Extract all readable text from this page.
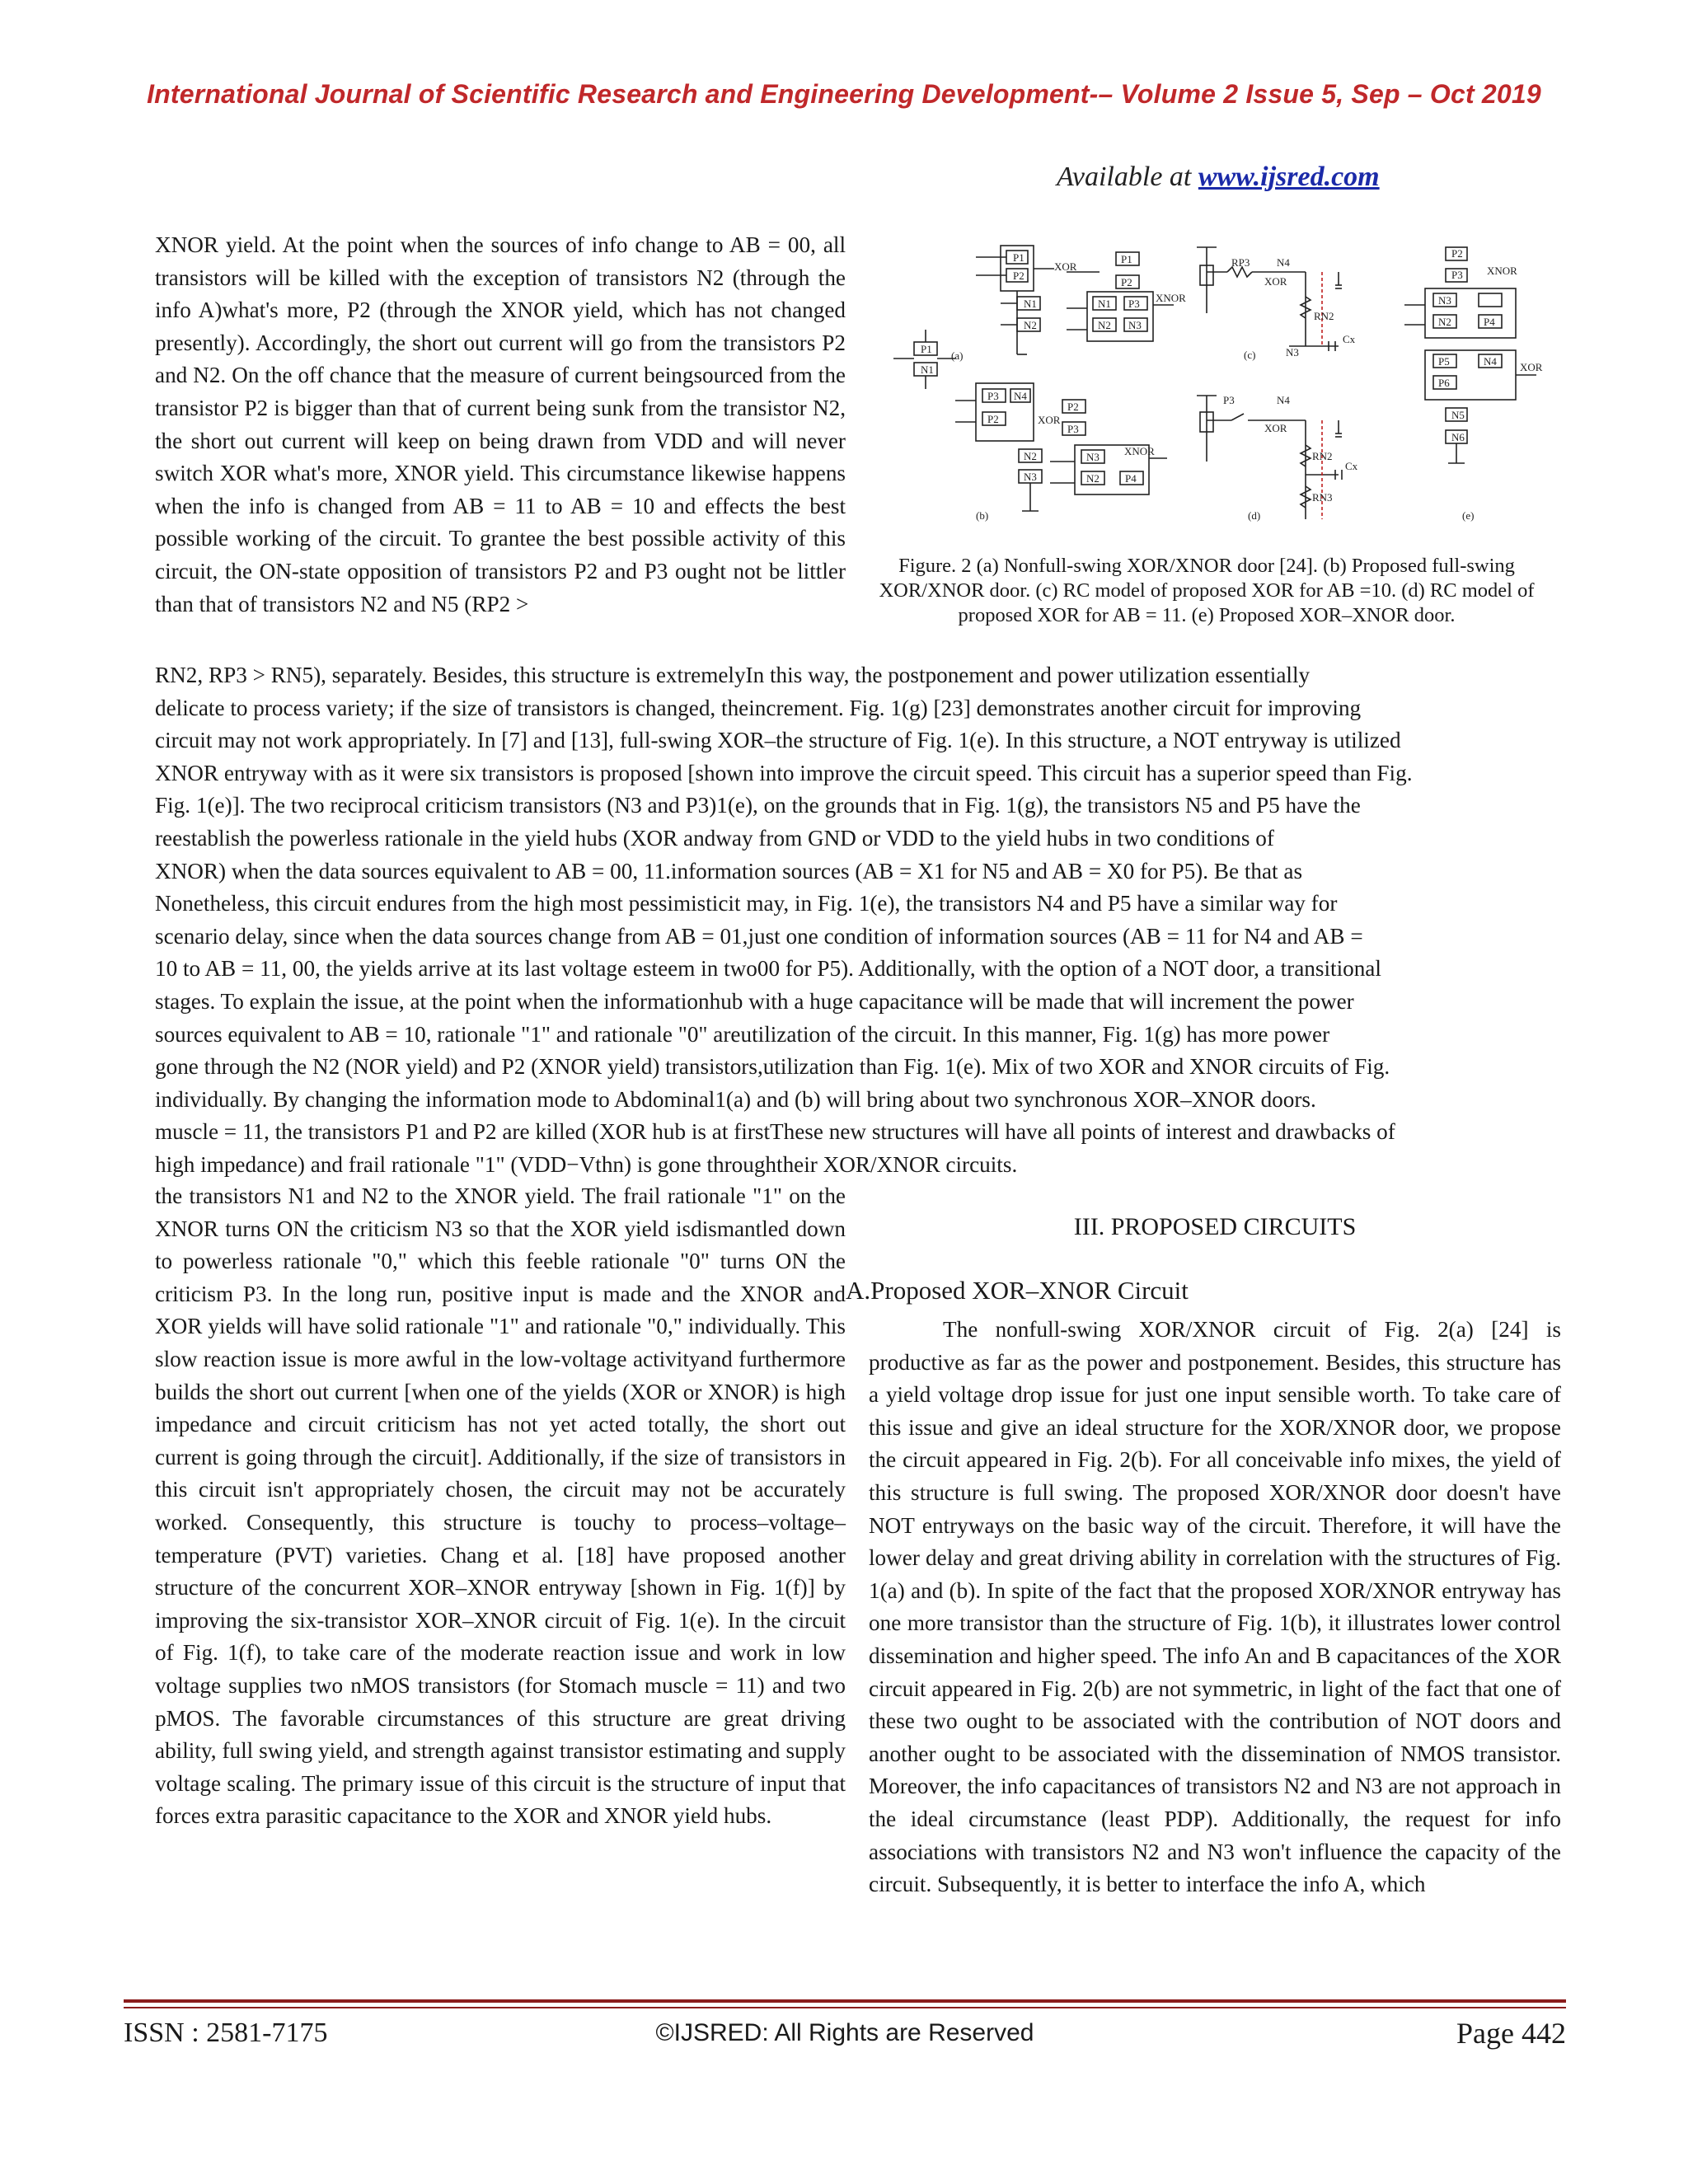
International Journal of Scientific Research and Engineering Development-– Volume 2 Issue 5, Sep – Oct 2019
Available at www.ijsred.com

XNOR yield. At the point when the sources of info change to AB = 00, all transistors will be killed with the exception of transistors N2 (through the info A)what's more, P2 (through the XNOR yield, which has not changed presently). Accordingly, the short out current will go from the transistors P2 and N2. On the off chance that the measure of current beingsourced from the transistor P2 is bigger than that of current being sunk from the transistor N2, the short out current will keep on being drawn from VDD and will never switch XOR what's more, XNOR yield. This circumstance likewise happens when the info is changed from AB = 11 to AB = 10 and effects the best possible working of the circuit. To grantee the best possible activity of this circuit, the ON-state opposition of transistors P2 and P3 ought not be littler than that of transistors N2 and N5 (RP2 >

P1
P2
XOR
N1
N2
P1
N1
P1
P2
N1
N2
P3
N3
XNOR
RP3	N4
XOR
RN2
Cx
N3
P2
P3 XNOR
N3
N2	P4
N4
P5
P6
XOR
N5
N6
P3
P2
N4
XOR
N2
N3
P2
P3
N3
N2 P4
XNOR
P3	N4
XOR
RN2
Cx
RN3
(a)
(b)
(c)
(d)	(e)
Figure. 2 (a) Nonfull-swing XOR/XNOR door [24]. (b) Proposed full-swing XOR/XNOR door. (c) RC model of proposed XOR for AB =10. (d) RC model of proposed XOR for AB = 11. (e) Proposed XOR–XNOR door.
RN2, RP3 > RN5), separately. Besides, this structure is extremelyIn this way, the postponement and power utilization essentially
delicate to process variety; if the size of transistors is changed, theincrement. Fig. 1(g) [23] demonstrates another circuit for improving
circuit may not work appropriately. In [7] and [13], full-swing XOR–the structure of Fig. 1(e). In this structure, a NOT entryway is utilized
XNOR entryway with as it were six transistors is proposed [shown into improve the circuit speed. This circuit has a superior speed than Fig.
Fig. 1(e)]. The two reciprocal criticism transistors (N3 and P3)1(e), on the grounds that in Fig. 1(g), the transistors N5 and P5 have the
reestablish the powerless rationale in the yield hubs (XOR andway from GND or VDD to the yield hubs in two conditions of
XNOR) when the data sources equivalent to AB = 00, 11.information sources (AB = X1 for N5 and AB = X0 for P5). Be that as
Nonetheless, this circuit endures from the high most pessimisticit may, in Fig. 1(e), the transistors N4 and P5 have a similar way for
scenario delay, since when the data sources change from AB = 01,just one condition of information sources (AB = 11 for N4 and AB =
10 to AB = 11, 00, the yields arrive at its last voltage esteem in two00 for P5). Additionally, with the option of a NOT door, a transitional
stages. To explain the issue, at the point when the informationhub with a huge capacitance will be made that will increment the power
sources equivalent to AB = 10, rationale "1" and rationale "0" areutilization of the circuit. In this manner, Fig. 1(g) has more power
gone through the N2 (NOR yield) and P2 (XNOR yield) transistors,utilization than Fig. 1(e). Mix of two XOR and XNOR circuits of Fig.
individually. By changing the information mode to Abdominal1(a) and (b) will bring about two synchronous XOR–XNOR doors.
muscle = 11, the transistors P1 and P2 are killed (XOR hub is at firstThese new structures will have all points of interest and drawbacks of
high impedance) and frail rationale "1" (VDD−Vthn) is gone throughtheir XOR/XNOR circuits.

the transistors N1 and N2 to the XNOR yield. The frail rationale "1" on the XNOR turns ON the criticism N3 so that the XOR yield isdismantled down to powerless rationale "0," which this feeble rationale "0" turns ON the criticism P3. In the long run, positive input is made and the XNOR and XOR yields will have solid rationale "1" and rationale "0," individually. This slow reaction issue is more awful in the low-voltage activityand furthermore builds the short out current [when one of the yields (XOR or XNOR) is high impedance and circuit criticism has not yet acted totally, the short out current is going through the circuit]. Additionally, if the size of transistors in this circuit isn't appropriately chosen, the circuit may not be accurately worked. Consequently, this structure is touchy to process–voltage–temperature (PVT) varieties. Chang et al. [18] have proposed another structure of the concurrent XOR–XNOR entryway [shown in Fig. 1(f)] by improving the six-transistor XOR–XNOR circuit of Fig. 1(e). In the circuit of Fig. 1(f), to take care of the moderate reaction issue and work in low voltage supplies two nMOS transistors (for Stomach muscle = 11) and two pMOS. The favorable circumstances of this structure are great driving ability, full swing yield, and strength against transistor estimating and supply voltage scaling. The primary issue of this circuit is the structure of input that forces extra parasitic capacitance to the XOR and XNOR yield hubs.

III. PROPOSED CIRCUITS
A.Proposed XOR–XNOR Circuit

The nonfull-swing XOR/XNOR circuit of Fig. 2(a) [24] is productive as far as the power and postponement. Besides, this structure has a yield voltage drop issue for just one input sensible worth. To take care of this issue and give an ideal structure for the XOR/XNOR door, we propose the circuit appeared in Fig. 2(b). For all conceivable info mixes, the yield of this structure is full swing. The proposed XOR/XNOR door doesn't have NOT entryways on the basic way of the circuit. Therefore, it will have the lower delay and great driving ability in correlation with the structures of Fig. 1(a) and (b). In spite of the fact that the proposed XOR/XNOR entryway has one more transistor than the structure of Fig. 1(b), it illustrates lower control dissemination and higher speed. The info An and B capacitances of the XOR circuit appeared in Fig. 2(b) are not symmetric, in light of the fact that one of these two ought to be associated with the contribution of NOT doors and another ought to be associated with the dissemination of NMOS transistor. Moreover, the info capacitances of transistors N2 and N3 are not approach in the ideal circumstance (least PDP). Additionally, the request for info associations with transistors N2 and N3 won't influence the capacity of the circuit. Subsequently, it is better to interface the info A, which

ISSN : 2581-7175	©IJSRED: All Rights are Reserved	Page 442
